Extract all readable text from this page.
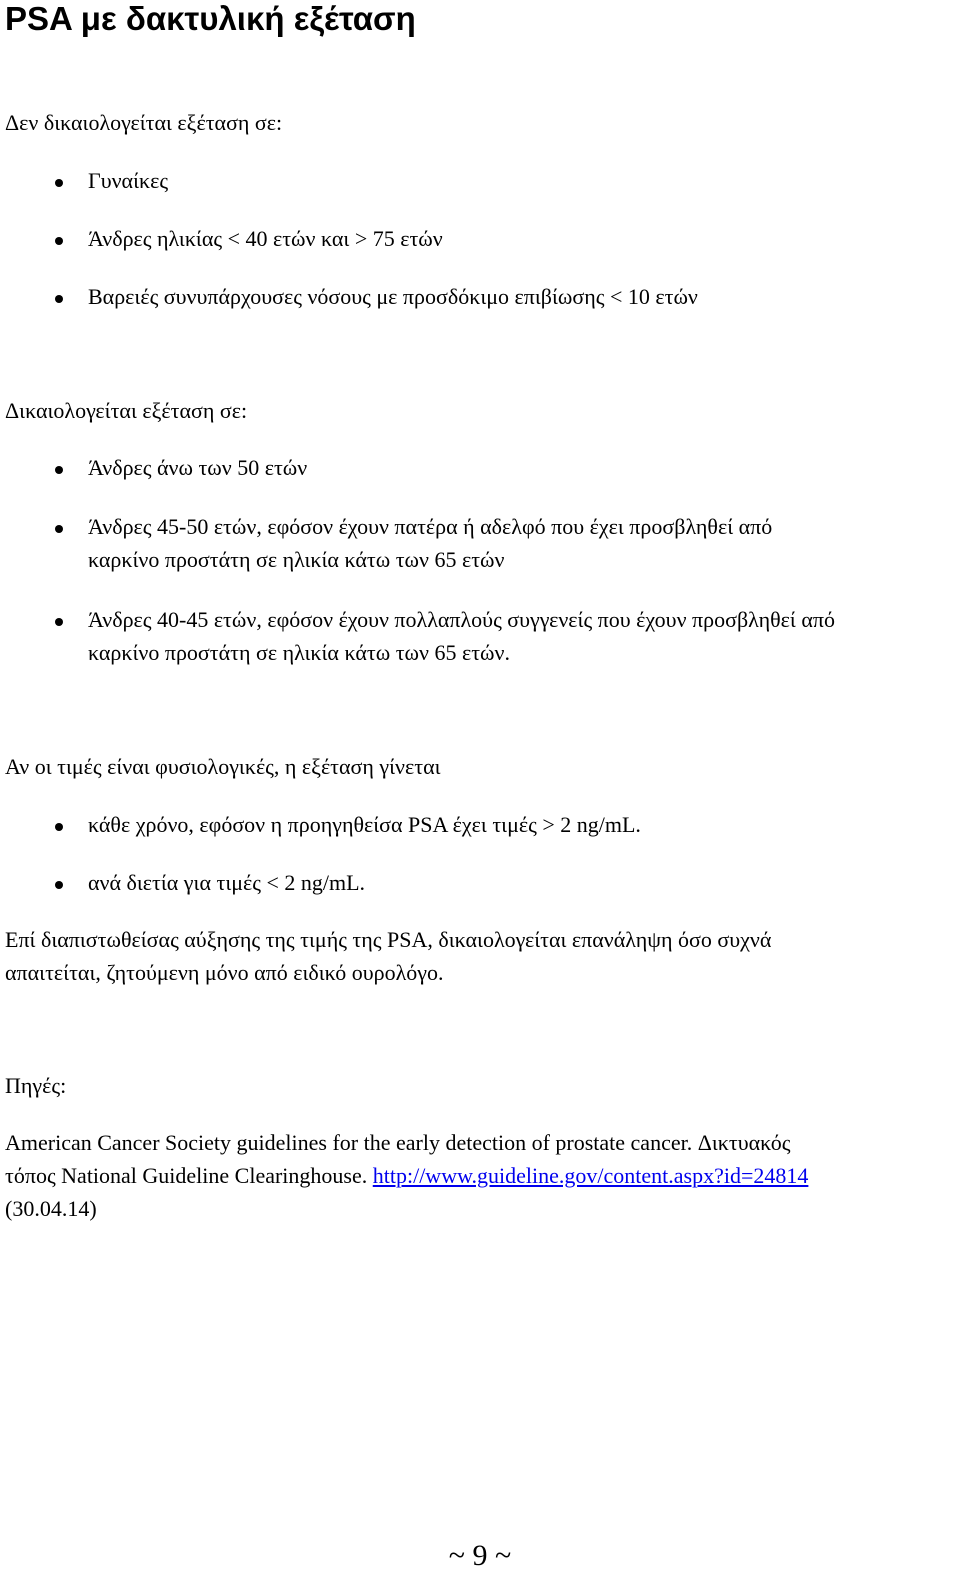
PSA με δακτυλική εξέταση

Δεν δικαιολογείται εξέταση σε:

Γυναίκες

Άνδρες ηλικίας < 40 ετών και > 75 ετών

Βαρειές συνυπάρχουσες νόσους με προσδόκιμο επιβίωσης < 10 ετών

Δικαιολογείται εξέταση σε:

Άνδρες άνω των 50 ετών

Άνδρες 45-50 ετών, εφόσον έχουν πατέρα ή αδελφό που έχει προσβληθεί από

καρκίνο προστάτη σε ηλικία κάτω των 65 ετών

Άνδρες 40-45 ετών, εφόσον έχουν πολλαπλούς συγγενείς που έχουν προσβληθεί από

καρκίνο προστάτη σε ηλικία κάτω των 65 ετών.

Αν οι τιμές είναι φυσιολογικές, η εξέταση γίνεται

κάθε χρόνο, εφόσον η προηγηθείσα PSA έχει τιμές > 2 ng/mL.

ανά διετία για τιμές < 2 ng/mL.

Επί διαπιστωθείσας αύξησης της τιμής της PSA, δικαιολογείται επανάληψη όσο συχνά

απαιτείται, ζητούμενη μόνο από ειδικό ουρολόγο.

Πηγές:

American Cancer Society guidelines for the early detection of prostate cancer. Δικτυακός

τόπος National Guideline Clearinghouse. http://www.guideline.gov/content.aspx?id=24814

(30.04.14)

~ 9 ~
